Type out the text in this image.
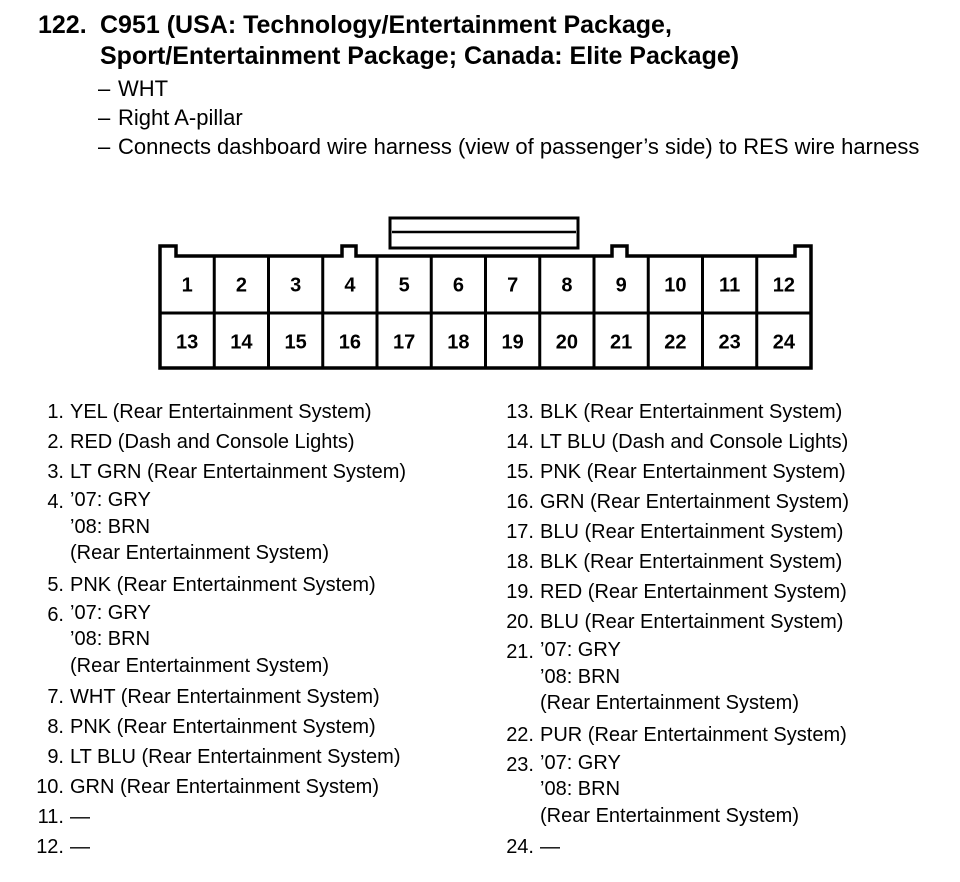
122. C951 (USA: Technology/Entertainment Package,
Sport/Entertainment Package; Canada: Elite Package)
– WHT
– Right A-pillar
– Connects dashboard wire harness (view of passenger’s side) to RES wire harness
1 2 3 4 5 6 7 8 9 10 11 12
13 14 15 16 17 18 19 20 21 22 23 24
1. YEL (Rear Entertainment System)
2. RED (Dash and Console Lights)
3. LT GRN (Rear Entertainment System)
4. ’07: GRY
’08: BRN
(Rear Entertainment System)
5. PNK (Rear Entertainment System)
6. ’07: GRY
’08: BRN
(Rear Entertainment System)
7. WHT (Rear Entertainment System)
8. PNK (Rear Entertainment System)
9. LT BLU (Rear Entertainment System)
10. GRN (Rear Entertainment System)
11. —
12. —
13. BLK (Rear Entertainment System)
14. LT BLU (Dash and Console Lights)
15. PNK (Rear Entertainment System)
16. GRN (Rear Entertainment System)
17. BLU (Rear Entertainment System)
18. BLK (Rear Entertainment System)
19. RED (Rear Entertainment System)
20. BLU (Rear Entertainment System)
21. ’07: GRY
’08: BRN
(Rear Entertainment System)
22. PUR (Rear Entertainment System)
23. ’07: GRY
’08: BRN
(Rear Entertainment System)
24. —
